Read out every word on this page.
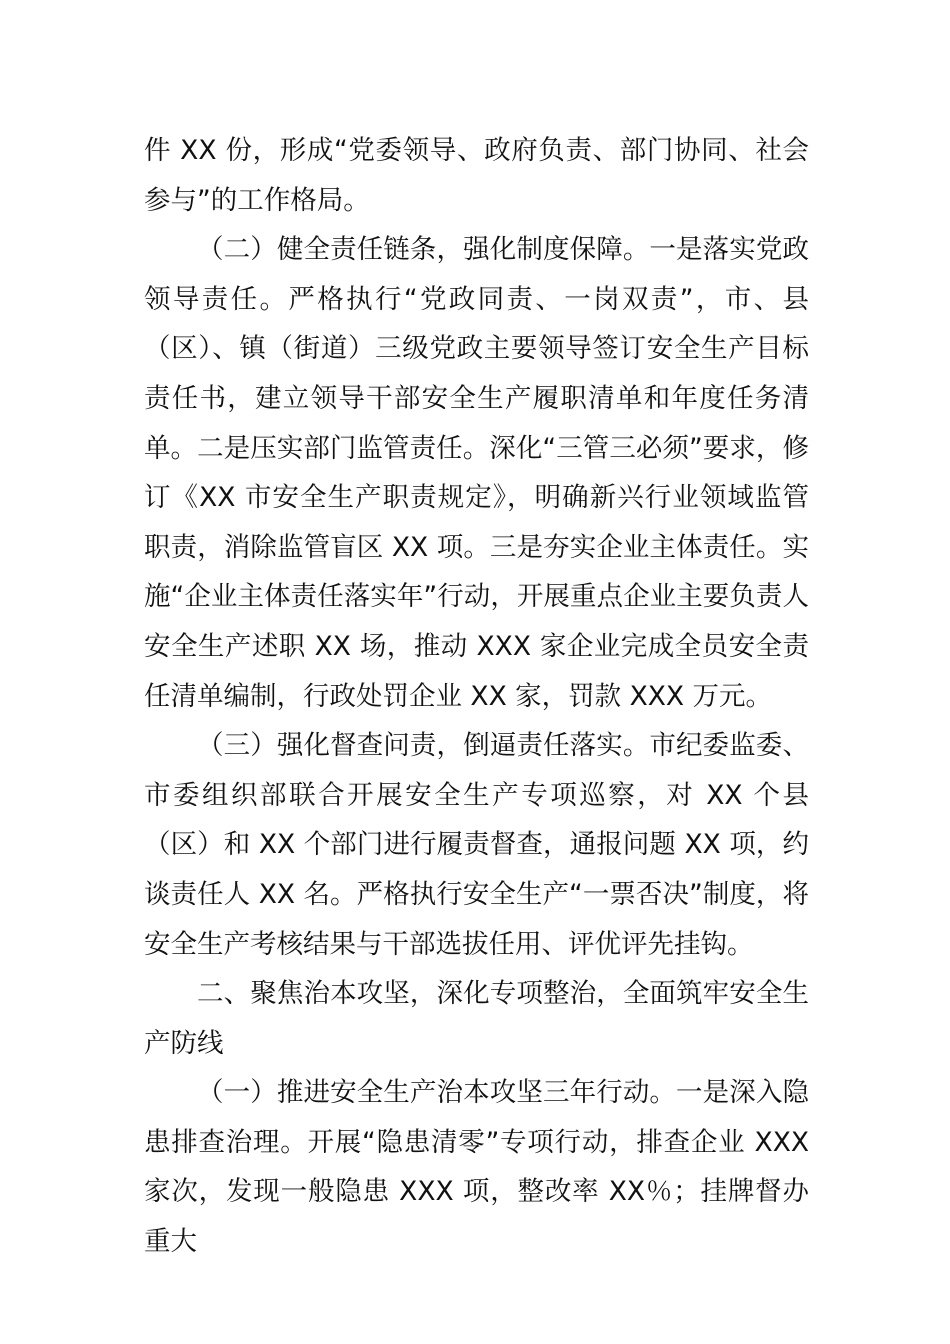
件 XX 份，形成“党委领导、政府负责、部门协同、社会参与”的工作格局。

（二）健全责任链条，强化制度保障。一是落实党政领导责任。严格执行“党政同责、一岗双责”，市、县（区）、镇（街道）三级党政主要领导签订安全生产目标责任书，建立领导干部安全生产履职清单和年度任务清单。二是压实部门监管责任。深化“三管三必须”要求，修订《XX 市安全生产职责规定》，明确新兴行业领域监管职责，消除监管盲区 XX 项。三是夯实企业主体责任。实施“企业主体责任落实年”行动，开展重点企业主要负责人安全生产述职 XX 场，推动 XXX 家企业完成全员安全责任清单编制，行政处罚企业 XX 家，罚款 XXX 万元。

（三）强化督查问责，倒逼责任落实。市纪委监委、市委组织部联合开展安全生产专项巡察，对 XX 个县（区）和 XX 个部门进行履责督查，通报问题 XX 项，约谈责任人 XX 名。严格执行安全生产“一票否决”制度，将安全生产考核结果与干部选拔任用、评优评先挂钩。

二、聚焦治本攻坚，深化专项整治，全面筑牢安全生产防线

（一）推进安全生产治本攻坚三年行动。一是深入隐患排查治理。开展“隐患清零”专项行动，排查企业 XXX 家次，发现一般隐患 XXX 项，整改率 XX％；挂牌督办重大
